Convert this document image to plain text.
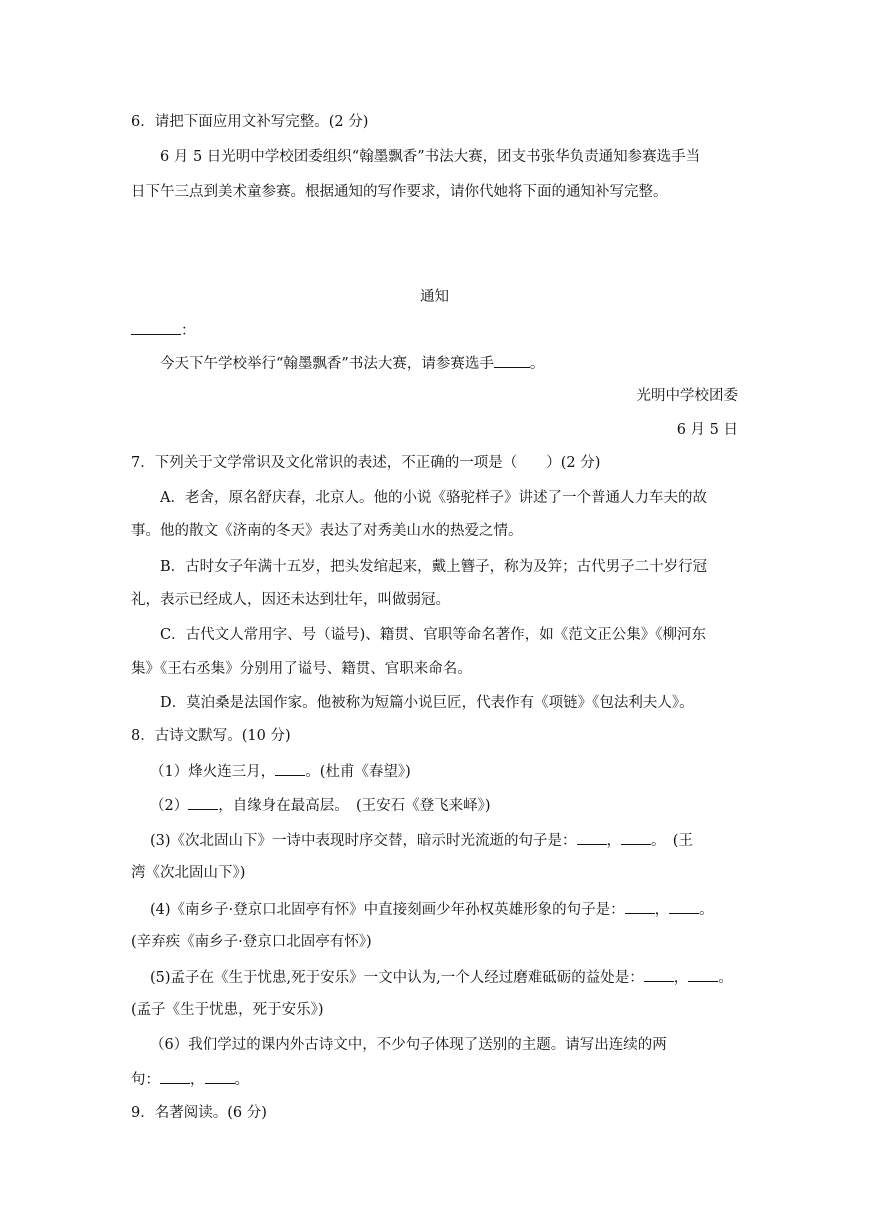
6．请把下面应用文补写完整。(2 分)
6 月 5 日光明中学校团委组织“翰墨飘香”书法大赛，团支书张华负责通知参赛选手当
日下午三点到美术童参赛。根据通知的写作要求，请你代她将下面的通知补写完整。
通知
：
今天下午学校举行“翰墨飘香”书法大赛，请参赛选手 。
光明中学校团委
6 月 5 日
7．下列关于文学常识及文化常识的表述，不正确的一项是（　　）(2 分)
A．老舍，原名舒庆春，北京人。他的小说《骆驼样子》讲述了一个普通人力车夫的故
事。他的散文《济南的冬天》表达了对秀美山水的热爱之情。
B．古时女子年满十五岁，把头发绾起来，戴上簪子，称为及笄；古代男子二十岁行冠
礼，表示已经成人，因还未达到壮年，叫做弱冠。
C．古代文人常用字、号（谥号)、籍贯、官职等命名著作，如《范文正公集》《柳河东
集》《王右丞集》分别用了谥号、籍贯、官职来命名。
D．莫泊桑是法国作家。他被称为短篇小说巨匠，代表作有《项链》《包法利夫人》。
8．古诗文默写。(10 分)
（1）烽火连三月， 。(杜甫《春望》)
（2） ，自缘身在最高层。　(王安石《登飞来峄》)
(3)《次北固山下》一诗中表现时序交替，暗示时光流逝的句子是： ， 。　(王
湾《次北固山下》)
(4)《南乡子·登京口北固亭有怀》中直接刻画少年孙权英雄形象的句子是： ， 。
(辛弃疾《南乡子·登京口北固亭有怀》)
(5)孟子在《生于忧患,死于安乐》一文中认为,一个人经过磨难砥砺的益处是： ， 。
(孟子《生于忧患，死于安乐》)
（6）我们学过的课内外古诗文中，不少句子体现了送别的主题。请写出连续的两
句： ， 。
9．名著阅读。(6 分)
